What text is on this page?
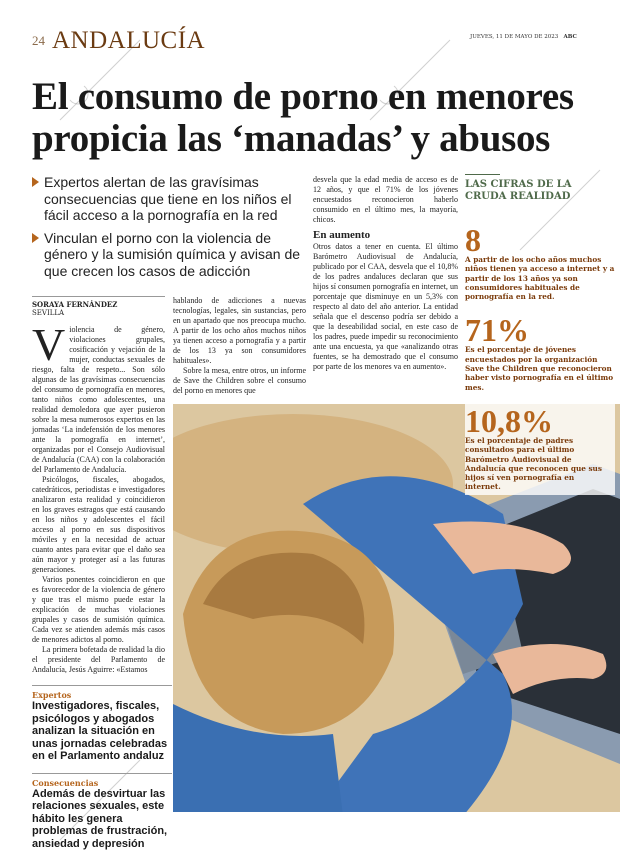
24 ANDALUCÍA	JUEVES, 11 DE MAYO DE 2023 ABC
El consumo de porno en menores propicia las ‘manadas’ y abusos
Expertos alertan de las gravísimas consecuencias que tiene en los niños el fácil acceso a la pornografía en la red
Vinculan el porno con la violencia de género y la sumisión química y avisan de que crecen los casos de adicción
SORAYA FERNÁNDEZ
SEVILLA

Violencia de género, violaciones grupales, cosificación y vejación de la mujer, conductas sexuales de riesgo, falta de respeto... Son sólo algunas de las gravísimas consecuencias del consumo de pornografía en menores, tanto niños como adolescentes, una realidad demoledora que ayer pusieron sobre la mesa numerosos expertos en las jornadas ‘La indefensión de los menores ante la pornografía en internet’, organizadas por el Consejo Audiovisual de Andalucía (CAA) con la colaboración del Parlamento de Andalucía.

Psicólogos, fiscales, abogados, catedráticos, periodistas e investigadores analizaron esta realidad y coincidieron en los graves estragos que está causando en los niños y adolescentes el fácil acceso al porno en sus dispositivos móviles y en la necesidad de actuar cuanto antes para evitar que el daño sea aún mayor y proteger así a las futuras generaciones.

Varios ponentes coincidieron en que es favorecedor de la violencia de género y que tras el mismo puede estar la explicación de muchas violaciones grupales y casos de sumisión química. Cada vez se atienden además más casos de menores adictos al porno.

La primera bofetada de realidad la dio el presidente del Parlamento de Andalucía, Jesús Aguirre: «Estamos

Expertos
Investigadores, fiscales, psicólogos y abogados analizan la situación en unas jornadas celebradas en el Parlamento andaluz
Consecuencias
Además de desvirtuar las relaciones sexuales, este hábito les genera problemas de frustración, ansiedad y depresión

hablando de adicciones a nuevas tecnologías, legales, sin sustancias, pero en un apartado que nos preocupa mucho. A partir de los ocho años muchos niños ya tienen acceso a pornografía y a partir de los 13 ya son consumidores habituales».

Sobre la mesa, entre otros, un informe de Save the Children sobre el consumo del porno en menores que

desvela que la edad media de acceso es de 12 años, y que el 71% de los jóvenes encuestados reconocieron haberlo consumido en el último mes, la mayoría, chicos.

En aumento

Otros datos a tener en cuenta. El último Barómetro Audiovisual de Andalucía, publicado por el CAA, desvela que el 10,8% de los padres andaluces declaran que sus hijos sí consumen pornografía en internet, un porcentaje que disminuye en un 5,3% con respecto al dato del año anterior. La entidad señala que el descenso podría ser debido a que la deseabilidad social, en este caso de los padres, puede impedir su reconocimiento ante una encuesta, ya que «analizando otras fuentes, se ha demostrado que el consumo por parte de los menores va en aumento».

LAS CIFRAS DE LA CRUDA REALIDAD
8
A partir de los ocho años muchos niños tienen ya acceso a internet y a partir de los 13 años ya son consumidores habituales de pornografía en la red.
71%
Es el porcentaje de jóvenes encuestados por la organización Save the Children que reconocieron haber visto pornografía en el último mes.
10,8%
Es el porcentaje de padres consultados para el último Barómetro Audiovisual de Andalucía que reconocen que sus hijos sí ven pornografía en internet.
